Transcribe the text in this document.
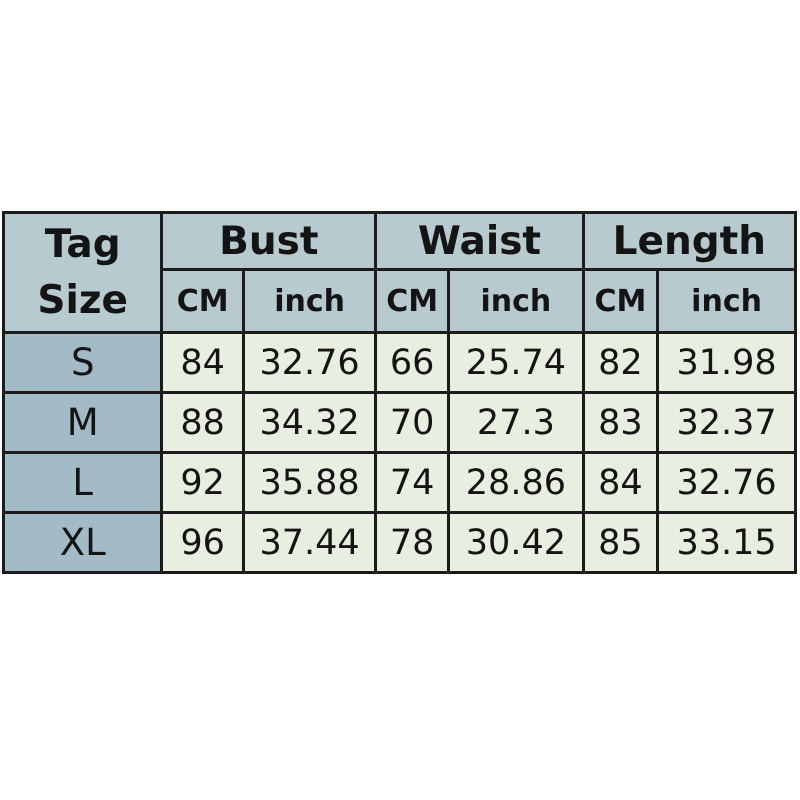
Tag
Size	Bust		Waist		Length	
	CM	inch	CM	inch	CM	inch
S	84	32.76	66	25.74	82	31.98
M	88	34.32	70	27.3	83	32.37
L	92	35.88	74	28.86	84	32.76
XL	96	37.44	78	30.42	85	33.15
